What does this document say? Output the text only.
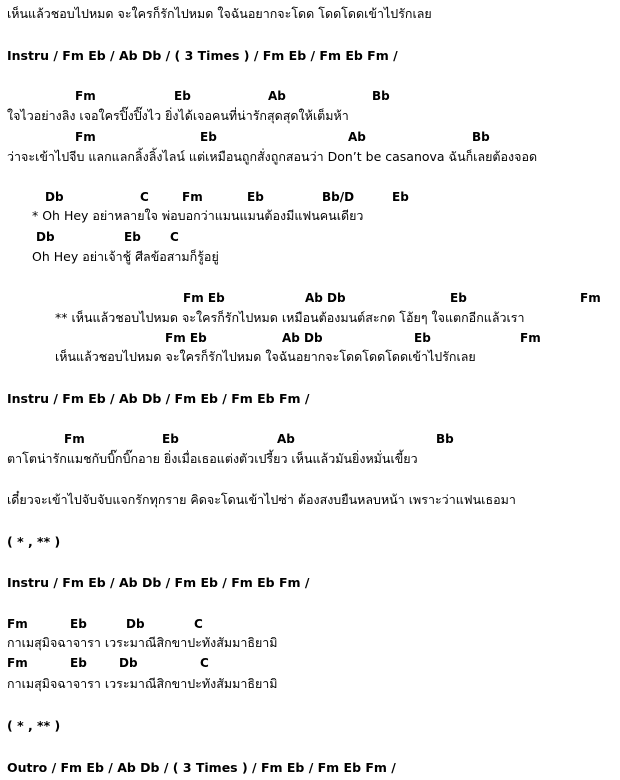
เห็นแล้วชอบไปหมด จะใครก็รักไปหมด ใจฉันอยากจะโดด โดดโดดเข้าไปรักเลย
Instru / Fm Eb / Ab Db / ( 3 Times ) / Fm Eb / Fm Eb Fm /
Fm	Eb	Ab	Bb
ใจไวอย่างลิง เจอใครปิ๊งปิ๊งไว ยิ่งได้เจอคนที่น่ารักสุดสุดให้เต็มห้า
Fm	Eb	Ab	Bb
ว่าจะเข้าไปจีบ แลกแลกลิ้งลิ้งไลน์ แต่เหมือนถูกสั่งถูกสอนว่า Don’t be casanova ฉันก็เลยต้องจอด
Db	C	Fm	Eb	Bb/D	Eb
* Oh Hey อย่าหลายใจ พ่อบอกว่าแมนแมนต้องมีแฟนคนเดียว
Db	Eb C
Oh Hey อย่าเจ้าชู้ ศีลข้อสามก็รู้อยู่
Fm Eb	Ab Db	Eb	Fm
** เห็นแล้วชอบไปหมด จะใครก็รักไปหมด เหมือนต้องมนต์สะกด โอ้ยๆ ใจแตกอีกแล้วเรา
Fm Eb	Ab Db	Eb	Fm
เห็นแล้วชอบไปหมด จะใครก็รักไปหมด ใจฉันอยากจะโดดโดดโดดเข้าไปรักเลย
Instru / Fm Eb / Ab Db / Fm Eb / Fm Eb Fm /
Fm	Eb	Ab	Bb
ตาโตน่ารักแมชกับบิ๊กบิ๊กอาย ยิ่งเมื่อเธอแต่งตัวเปรี้ยว เห็นแล้วมันยิ่งหมั่นเขี้ยว
เดี๋ยวจะเข้าไปจับจับแจกรักทุกราย คิดจะโดนเข้าไปซ่า ต้องสงบยืนหลบหน้า เพราะว่าแฟนเธอมา
( * , ** )
Instru / Fm Eb / Ab Db / Fm Eb / Fm Eb Fm /
Fm	Eb	Db	C
กาเมสุมิจฉาจารา เวระมาณีสิกขาปะทังสัมมาธิยามิ
Fm	Eb	Db	C
กาเมสุมิจฉาจารา เวระมาณีสิกขาปะทังสัมมาธิยามิ
( * , ** )
Outro / Fm Eb / Ab Db / ( 3 Times ) / Fm Eb / Fm Eb Fm /
